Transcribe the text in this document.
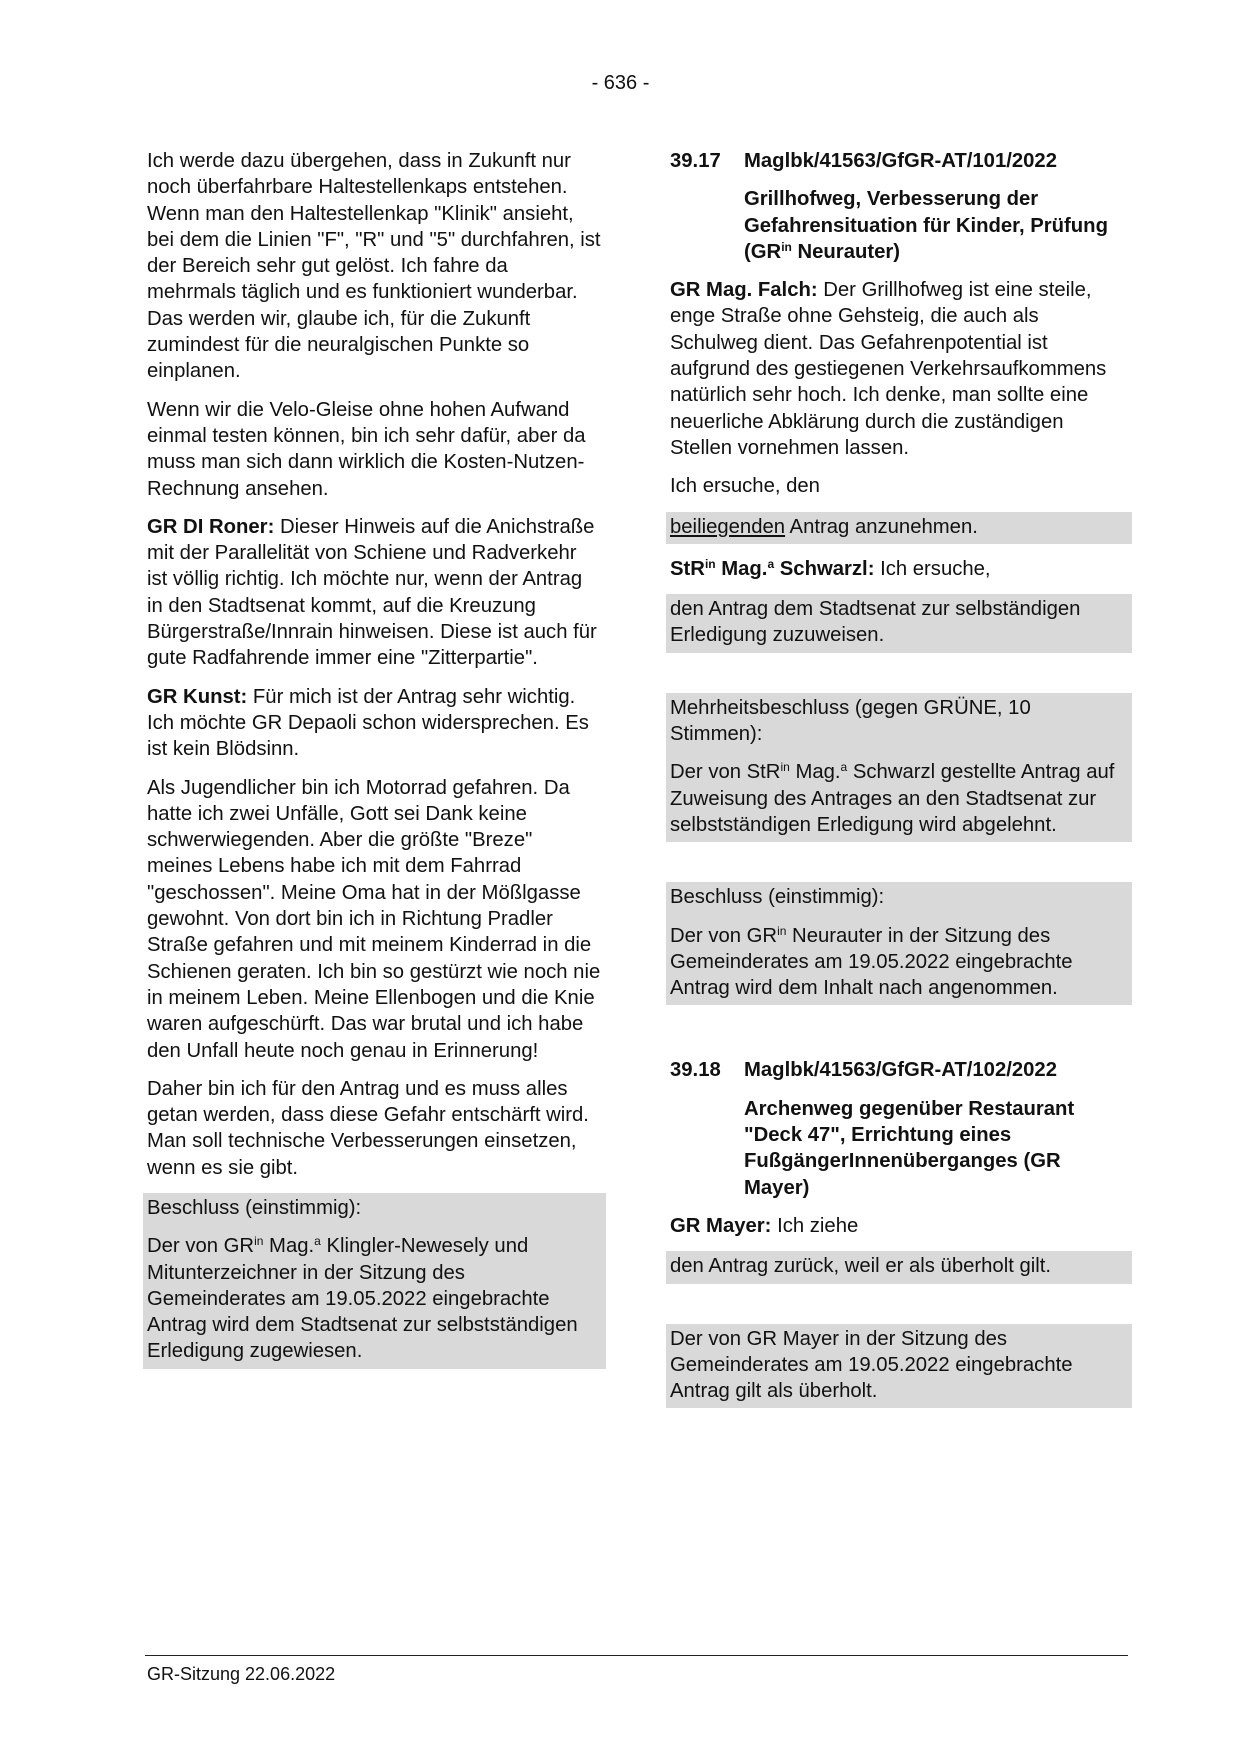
- 636 -

Ich werde dazu übergehen, dass in Zukunft nur noch überfahrbare Haltestellenkaps entstehen. Wenn man den Haltestellenkap "Klinik" ansieht, bei dem die Linien "F", "R" und "5" durchfahren, ist der Bereich sehr gut gelöst. Ich fahre da mehrmals täglich und es funktioniert wunderbar. Das werden wir, glaube ich, für die Zukunft zumindest für die neuralgischen Punkte so einplanen.

Wenn wir die Velo-Gleise ohne hohen Aufwand einmal testen können, bin ich sehr dafür, aber da muss man sich dann wirklich die Kosten-Nutzen-Rechnung ansehen.

GR DI Roner: Dieser Hinweis auf die Anichstraße mit der Parallelität von Schiene und Radverkehr ist völlig richtig. Ich möchte nur, wenn der Antrag in den Stadtsenat kommt, auf die Kreuzung Bürgerstraße/Innrain hinweisen. Diese ist auch für gute Radfahrende immer eine "Zitterpartie".

GR Kunst: Für mich ist der Antrag sehr wichtig. Ich möchte GR Depaoli schon widersprechen. Es ist kein Blödsinn.

Als Jugendlicher bin ich Motorrad gefahren. Da hatte ich zwei Unfälle, Gott sei Dank keine schwerwiegenden. Aber die größte "Breze" meines Lebens habe ich mit dem Fahrrad "geschossen". Meine Oma hat in der Mößlgasse gewohnt. Von dort bin ich in Richtung Pradler Straße gefahren und mit meinem Kinderrad in die Schienen geraten. Ich bin so gestürzt wie noch nie in meinem Leben. Meine Ellenbogen und die Knie waren aufgeschürft. Das war brutal und ich habe den Unfall heute noch genau in Erinnerung!

Daher bin ich für den Antrag und es muss alles getan werden, dass diese Gefahr entschärft wird. Man soll technische Verbesserungen einsetzen, wenn es sie gibt.

Beschluss (einstimmig):

Der von $GR^{in}$ Mag.$^a$ Klingler-Newesely und Mitunterzeichner in der Sitzung des Gemeinderates am 19.05.2022 eingebrachte Antrag wird dem Stadtsenat zur selbstständigen Erledigung zugewiesen.

39.17	Maglbk/41563/GfGR-AT/101/2022

Grillhofweg, Verbesserung der Gefahrensituation für Kinder, Prüfung ($GR^{in}$ Neurauter)

GR Mag. Falch: Der Grillhofweg ist eine steile, enge Straße ohne Gehsteig, die auch als Schulweg dient. Das Gefahrenpotential ist aufgrund des gestiegenen Verkehrsaufkommens natürlich sehr hoch. Ich denke, man sollte eine neuerliche Abklärung durch die zuständigen Stellen vornehmen lassen.

Ich ersuche, den

beiliegenden Antrag anzunehmen.

StR$^{in}$ Mag.$^a$ Schwarzl: Ich ersuche,

den Antrag dem Stadtsenat zur selbständigen Erledigung zuzuweisen.

Mehrheitsbeschluss (gegen GRÜNE, 10 Stimmen):

Der von StR$^{in}$ Mag.$^a$ Schwarzl gestellte Antrag auf Zuweisung des Antrages an den Stadtsenat zur selbstständigen Erledigung wird abgelehnt.

Beschluss (einstimmig):

Der von $GR^{in}$ Neurauter in der Sitzung des Gemeinderates am 19.05.2022 eingebrachte Antrag wird dem Inhalt nach angenommen.

39.18	Maglbk/41563/GfGR-AT/102/2022

Archenweg gegenüber Restaurant "Deck 47", Errichtung eines FußgängerInnenüberganges (GR Mayer)

GR Mayer: Ich ziehe

den Antrag zurück, weil er als überholt gilt.

Der von GR Mayer in der Sitzung des Gemeinderates am 19.05.2022 eingebrachte Antrag gilt als überholt.

GR-Sitzung 22.06.2022
